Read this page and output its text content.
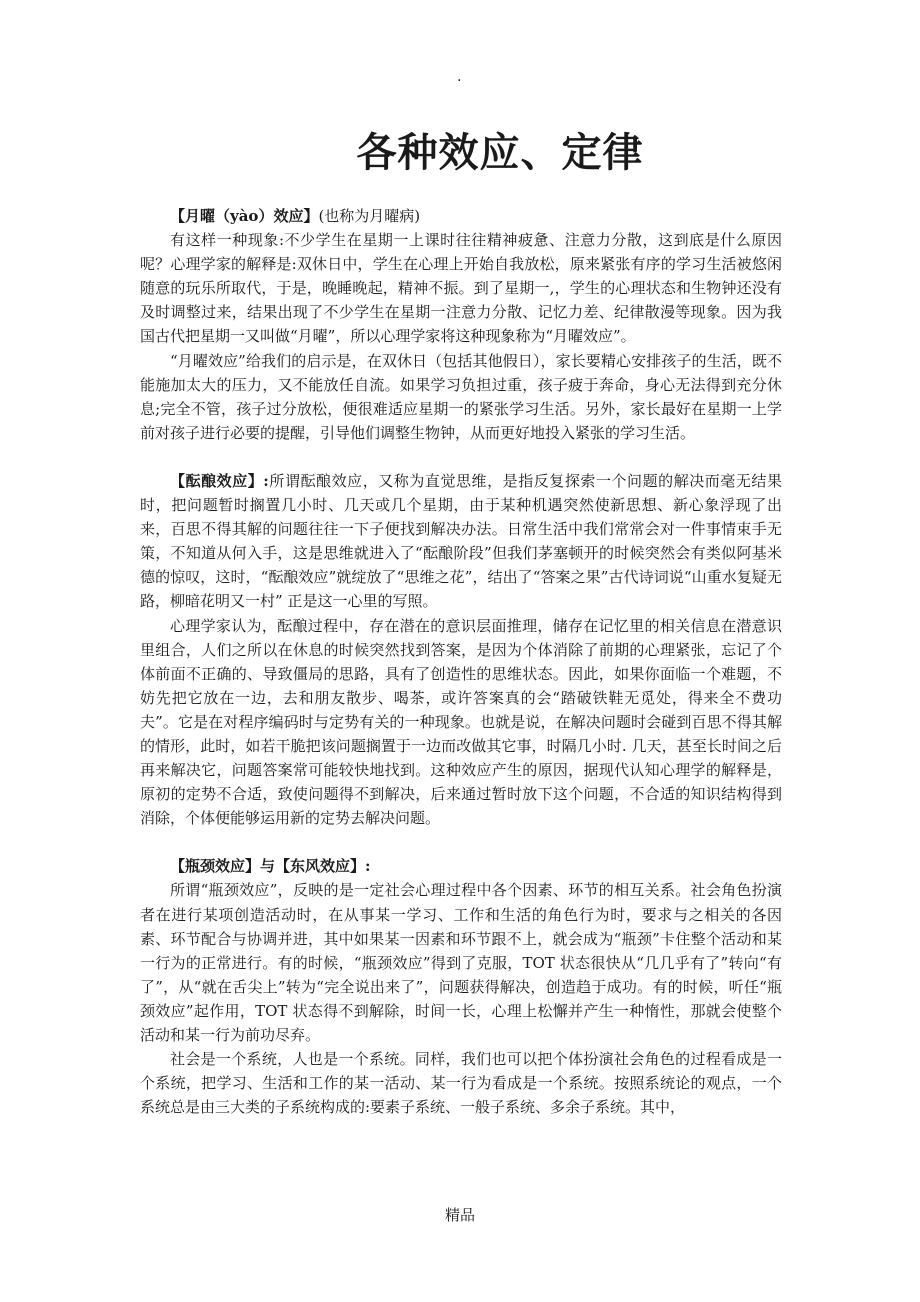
.
各种效应、定律

【月曜（yào）效应】(也称为月曜病)

有这样一种现象:不少学生在星期一上课时往往精神疲惫、注意力分散，这到底是什么原因呢？心理学家的解释是:双休日中，学生在心理上开始自我放松，原来紧张有序的学习生活被悠闲随意的玩乐所取代，于是，晚睡晚起，精神不振。到了星期一,，学生的心理状态和生物钟还没有及时调整过来，结果出现了不少学生在星期一注意力分散、记忆力差、纪律散漫等现象。因为我国古代把星期一又叫做“月曜”，所以心理学家将这种现象称为“月曜效应”。

“月曜效应”给我们的启示是，在双休日（包括其他假日），家长要精心安排孩子的生活，既不能施加太大的压力，又不能放任自流。如果学习负担过重，孩子疲于奔命，身心无法得到充分休息;完全不管，孩子过分放松，便很难适应星期一的紧张学习生活。另外，家长最好在星期一上学前对孩子进行必要的提醒，引导他们调整生物钟，从而更好地投入紧张的学习生活。

【酝酿效应】:所谓酝酿效应，又称为直觉思维，是指反复探索一个问题的解决而毫无结果时，把问题暂时搁置几小时、几天或几个星期，由于某种机遇突然使新思想、新心象浮现了出来，百思不得其解的问题往往一下子便找到解决办法。日常生活中我们常常会对一件事情束手无策，不知道从何入手，这是思维就进入了“酝酿阶段”但我们茅塞顿开的时候突然会有类似阿基米德的惊叹，这时，“酝酿效应”就绽放了“思维之花”，结出了“答案之果”古代诗词说“山重水复疑无路，柳暗花明又一村” 正是这一心里的写照。

心理学家认为，酝酿过程中，存在潜在的意识层面推理，储存在记忆里的相关信息在潜意识里组合，人们之所以在休息的时候突然找到答案，是因为个体消除了前期的心理紧张，忘记了个体前面不正确的、导致僵局的思路，具有了创造性的思维状态。因此，如果你面临一个难题，不妨先把它放在一边，去和朋友散步、喝茶，或许答案真的会“踏破铁鞋无觅处，得来全不费功夫”。它是在对程序编码时与定势有关的一种现象。也就是说，在解决问题时会碰到百思不得其解的情形，此时，如若干脆把该问题搁置于一边而改做其它事，时隔几小时. 几天，甚至长时间之后再来解决它，问题答案常可能较快地找到。这种效应产生的原因，据现代认知心理学的解释是，原初的定势不合适，致使问题得不到解决，后来通过暂时放下这个问题，不合适的知识结构得到消除，个体便能够运用新的定势去解决问题。

【瓶颈效应】与【东风效应】:

所谓“瓶颈效应”，反映的是一定社会心理过程中各个因素、环节的相互关系。社会角色扮演者在进行某项创造活动时，在从事某一学习、工作和生活的角色行为时，要求与之相关的各因素、环节配合与协调并进，其中如果某一因素和环节跟不上，就会成为“瓶颈”卡住整个活动和某一行为的正常进行。有的时候，“瓶颈效应”得到了克服，TOT 状态很快从“几几乎有了”转向“有了”，从“就在舌尖上”转为“完全说出来了”，问题获得解决，创造趋于成功。有的时候，听任“瓶颈效应”起作用，TOT 状态得不到解除，时间一长，心理上松懈并产生一种惰性，那就会使整个活动和某一行为前功尽弃。

社会是一个系统，人也是一个系统。同样，我们也可以把个体扮演社会角色的过程看成是一个系统，把学习、生活和工作的某一活动、某一行为看成是一个系统。按照系统论的观点，一个系统总是由三大类的子系统构成的:要素子系统、一般子系统、多余子系统。其中，

精品
